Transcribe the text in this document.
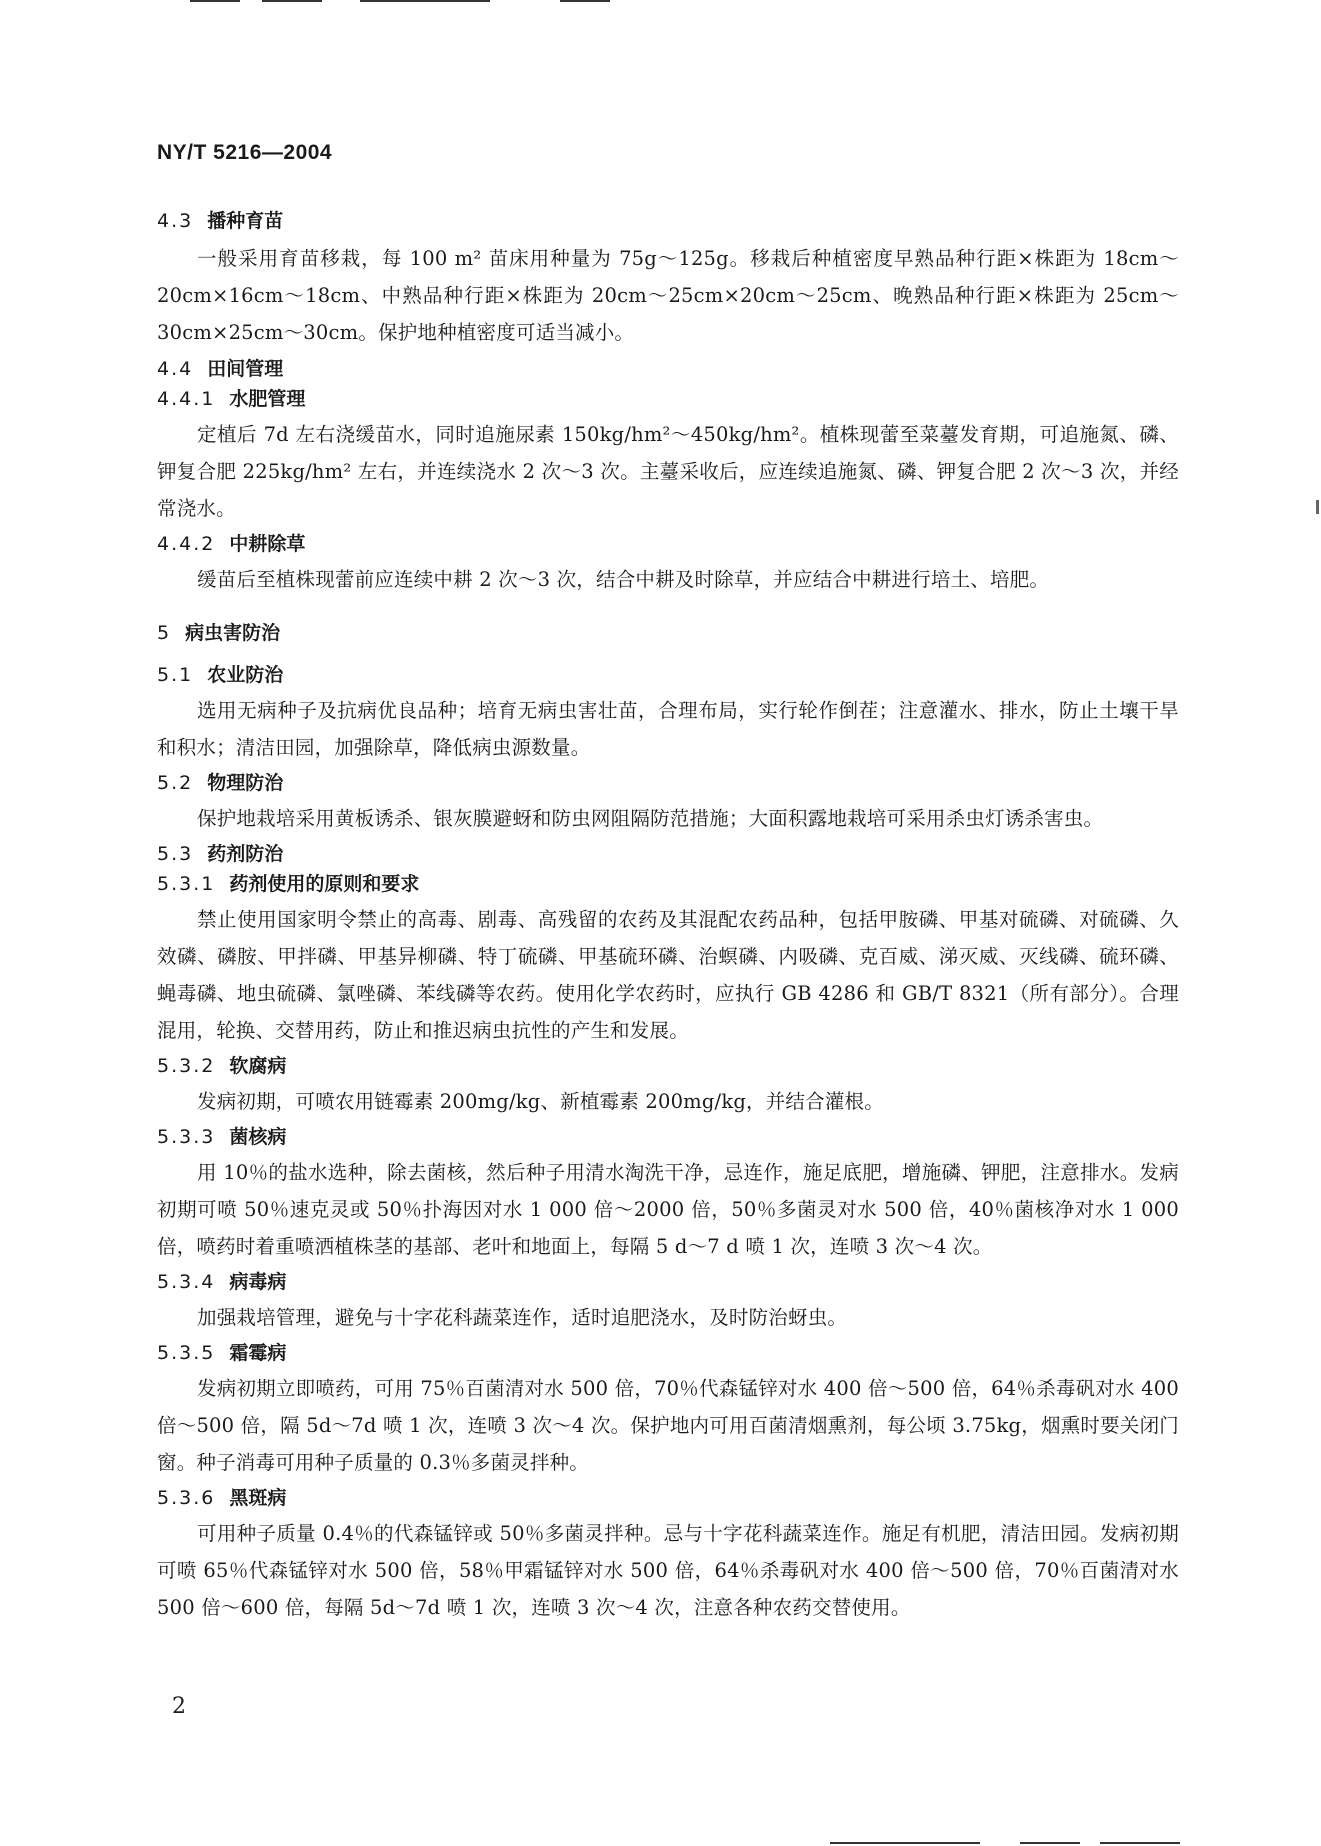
NY/T 5216—2004
4.3 播种育苗

一般采用育苗移栽，每 100 m² 苗床用种量为 75g～125g。移栽后种植密度早熟品种行距×株距为 18cm～20cm×16cm～18cm、中熟品种行距×株距为 20cm～25cm×20cm～25cm、晚熟品种行距×株距为 25cm～30cm×25cm～30cm。保护地种植密度可适当减小。

4.4 田间管理
4.4.1 水肥管理

定植后 7d 左右浇缓苗水，同时追施尿素 150kg/hm²～450kg/hm²。植株现蕾至菜薹发育期，可追施氮、磷、钾复合肥 225kg/hm² 左右，并连续浇水 2 次～3 次。主薹采收后，应连续追施氮、磷、钾复合肥 2 次～3 次，并经常浇水。

4.4.2 中耕除草

缓苗后至植株现蕾前应连续中耕 2 次～3 次，结合中耕及时除草，并应结合中耕进行培土、培肥。

5 病虫害防治
5.1 农业防治

选用无病种子及抗病优良品种；培育无病虫害壮苗，合理布局，实行轮作倒茬；注意灌水、排水，防止土壤干旱和积水；清洁田园，加强除草，降低病虫源数量。

5.2 物理防治

保护地栽培采用黄板诱杀、银灰膜避蚜和防虫网阻隔防范措施；大面积露地栽培可采用杀虫灯诱杀害虫。

5.3 药剂防治
5.3.1 药剂使用的原则和要求

禁止使用国家明令禁止的高毒、剧毒、高残留的农药及其混配农药品种，包括甲胺磷、甲基对硫磷、对硫磷、久效磷、磷胺、甲拌磷、甲基异柳磷、特丁硫磷、甲基硫环磷、治螟磷、内吸磷、克百威、涕灭威、灭线磷、硫环磷、蝇毒磷、地虫硫磷、氯唑磷、苯线磷等农药。使用化学农药时，应执行 GB 4286 和 GB/T 8321（所有部分）。合理混用，轮换、交替用药，防止和推迟病虫抗性的产生和发展。

5.3.2 软腐病

发病初期，可喷农用链霉素 200mg/kg、新植霉素 200mg/kg，并结合灌根。

5.3.3 菌核病

用 10％的盐水选种，除去菌核，然后种子用清水淘洗干净，忌连作，施足底肥，增施磷、钾肥，注意排水。发病初期可喷 50％速克灵或 50％扑海因对水 1 000 倍～2000 倍，50％多菌灵对水 500 倍，40％菌核净对水 1 000 倍，喷药时着重喷洒植株茎的基部、老叶和地面上，每隔 5 d～7 d 喷 1 次，连喷 3 次～4 次。

5.3.4 病毒病

加强栽培管理，避免与十字花科蔬菜连作，适时追肥浇水，及时防治蚜虫。

5.3.5 霜霉病

发病初期立即喷药，可用 75％百菌清对水 500 倍，70％代森锰锌对水 400 倍～500 倍，64％杀毒矾对水 400 倍～500 倍，隔 5d～7d 喷 1 次，连喷 3 次～4 次。保护地内可用百菌清烟熏剂，每公顷 3.75kg，烟熏时要关闭门窗。种子消毒可用种子质量的 0.3％多菌灵拌种。

5.3.6 黑斑病

可用种子质量 0.4％的代森锰锌或 50％多菌灵拌种。忌与十字花科蔬菜连作。施足有机肥，清洁田园。发病初期可喷 65％代森锰锌对水 500 倍，58％甲霜锰锌对水 500 倍，64％杀毒矾对水 400 倍～500 倍，70％百菌清对水 500 倍～600 倍，每隔 5d～7d 喷 1 次，连喷 3 次～4 次，注意各种农药交替使用。

2
